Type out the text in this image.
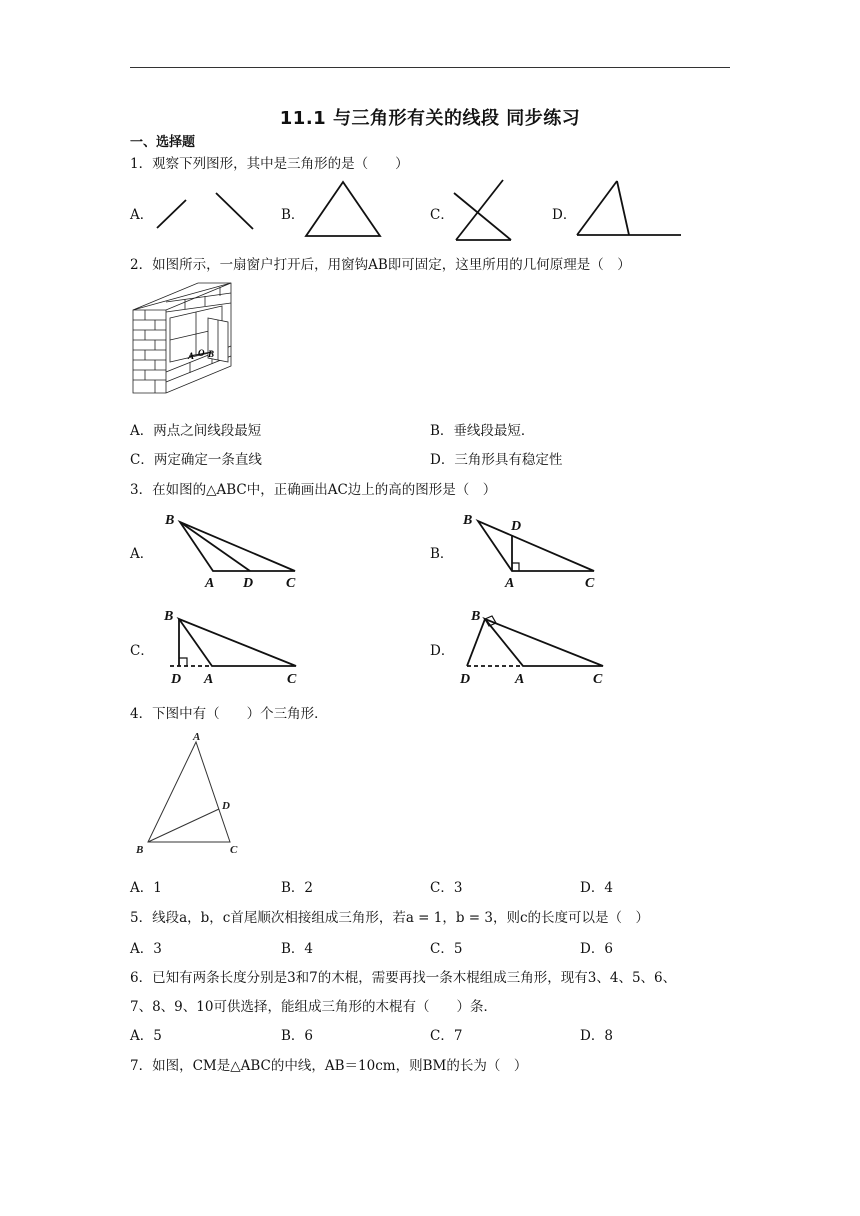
11.1 与三角形有关的线段 同步练习
一、选择题
1．观察下列图形，其中是三角形的是（　　）
A．	B．	C．	D．
2．如图所示，一扇窗户打开后，用窗钩AB即可固定，这里所用的几何原理是（　）
A O B
A．两点之间线段最短	B．垂线段最短．
C．两定确定一条直线	D．三角形具有稳定性
3．在如图的△ABC中，正确画出AC边上的高的图形是（　）
A．	B．
C．	D．
B
A D C
B	D
A	C
B
D A	C
B
D	A	C
4．下图中有（　　）个三角形．
A
D
B	C
A．1	B．2	C．3	D．4
5．线段a，b，c首尾顺次相接组成三角形，若a = 1，b = 3，则c的长度可以是（　）
A．3	B．4	C．5	D．6
6．已知有两条长度分别是3和7的木棍，需要再找一条木棍组成三角形，现有3、4、5、6、
7、8、9、10可供选择，能组成三角形的木棍有（　　）条．
A．5	B．6	C．7	D．8
7．如图，CM是△ABC的中线，AB＝10cm，则BM的长为（　）
